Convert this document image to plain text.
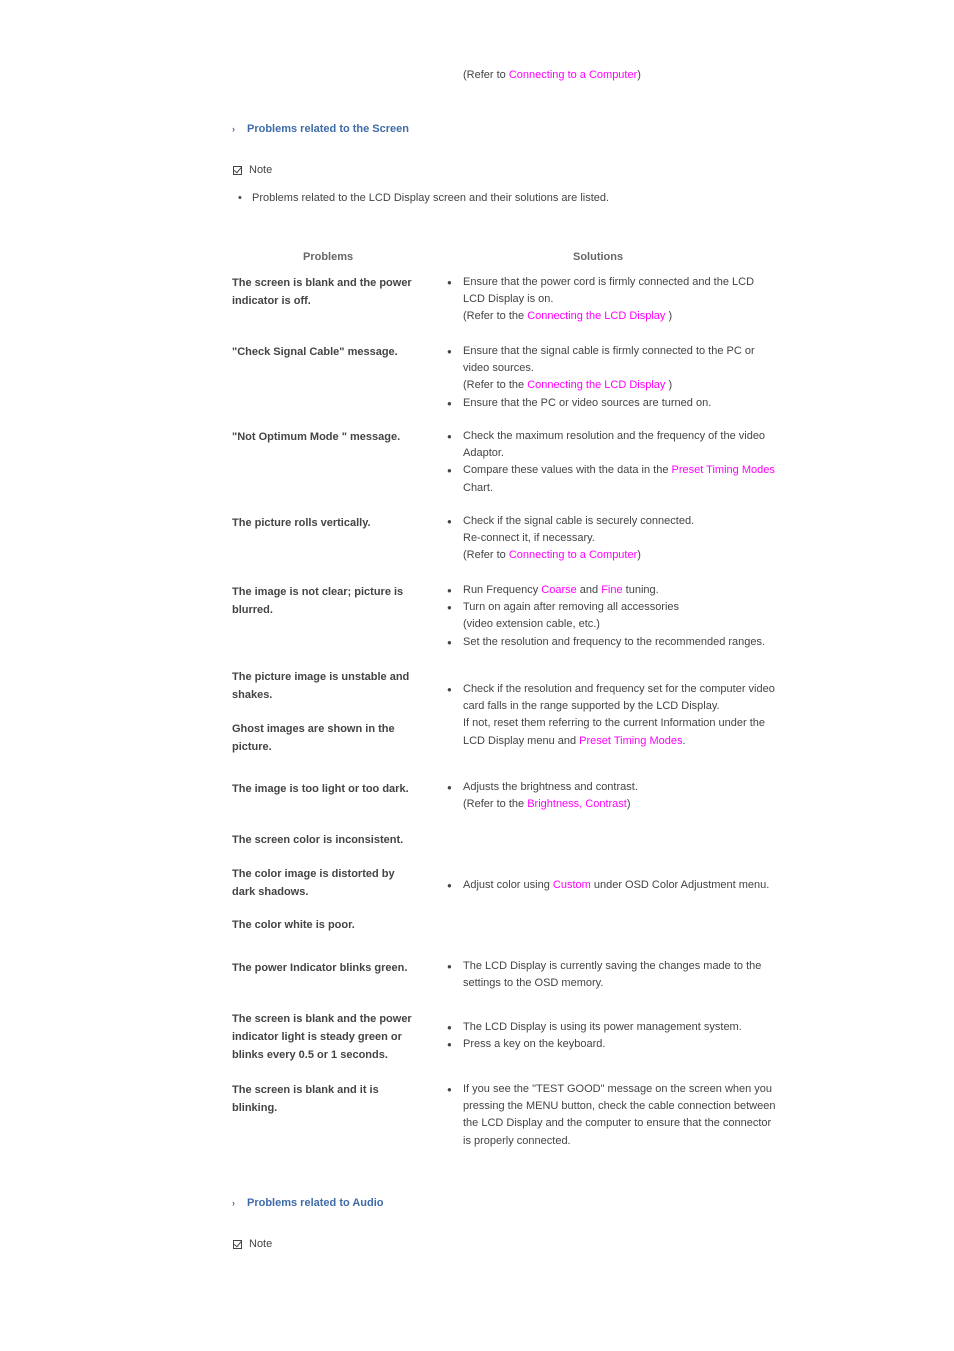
(Refer to Connecting to a Computer)
›	Problems related to the Screen
Note
• Problems related to the LCD Display screen and their solutions are listed.
Problems	Solutions
The screen is blank and the power
indicator is off.
●	Ensure that the power cord is firmly connected and the LCD
LCD Display is on.
(Refer to the Connecting the LCD Display )
"Check Signal Cable" message.	●	Ensure that the signal cable is firmly connected to the PC or
video sources.
(Refer to the Connecting the LCD Display )
●	Ensure that the PC or video sources are turned on.
"Not Optimum Mode " message.	●	Check the maximum resolution and the frequency of the video
Adaptor.
●	Compare these values with the data in the Preset Timing Modes
Chart.
The picture rolls vertically.	●	Check if the signal cable is securely connected.
Re-connect it, if necessary.
(Refer to Connecting to a Computer)
The image is not clear; picture is
blurred.
●	Run Frequency Coarse and Fine tuning.
●	Turn on again after removing all accessories
(video extension cable, etc.)
●	Set the resolution and frequency to the recommended ranges.
The picture image is unstable and
shakes.
Ghost images are shown in the
picture.
●	Check if the resolution and frequency set for the computer video
card falls in the range supported by the LCD Display.
If not, reset them referring to the current Information under the
LCD Display menu and Preset Timing Modes.
The image is too light or too dark.	●	Adjusts the brightness and contrast.
(Refer to the Brightness, Contrast)
The screen color is inconsistent.
The color image is distorted by
dark shadows.
The color white is poor.
●	Adjust color using Custom under OSD Color Adjustment menu.
The power Indicator blinks green.	●	The LCD Display is currently saving the changes made to the
settings to the OSD memory.
The screen is blank and the power
indicator light is steady green or
blinks every 0.5 or 1 seconds.
●	The LCD Display is using its power management system.
●	Press a key on the keyboard.
The screen is blank and it is
blinking.
●	If you see the "TEST GOOD" message on the screen when you
pressing the MENU button, check the cable connection between
the LCD Display and the computer to ensure that the connector
is properly connected.
›	Problems related to Audio
Note
